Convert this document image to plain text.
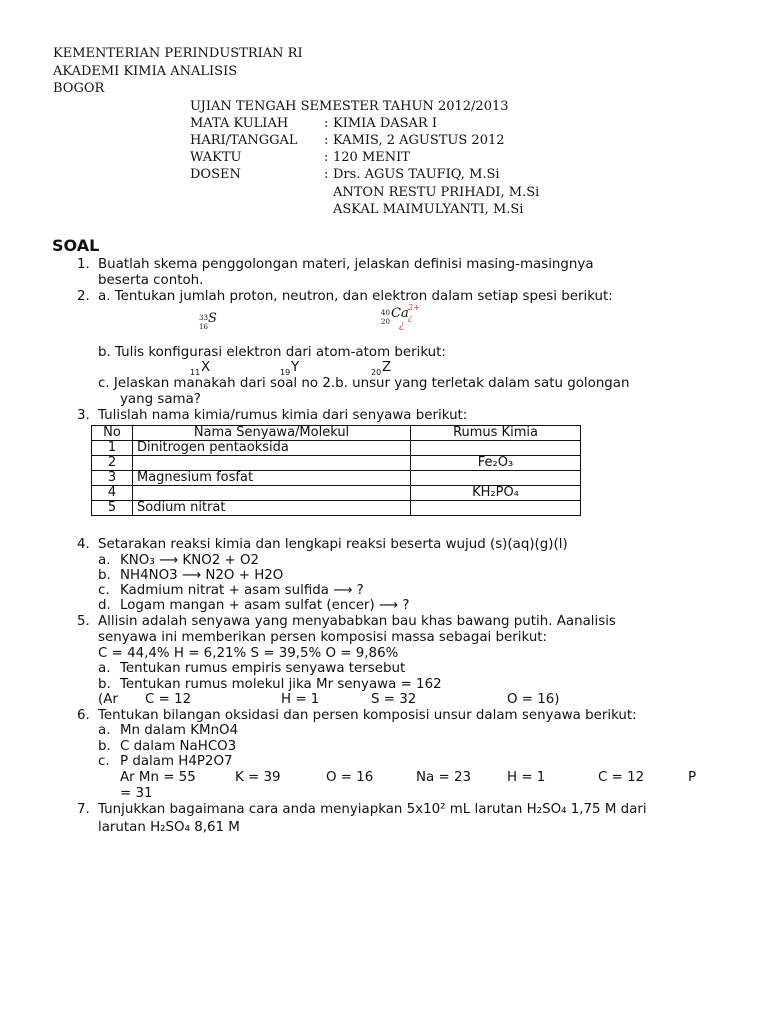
KEMENTERIAN PERINDUSTRIAN RI
AKADEMI KIMIA ANALISIS
BOGOR
UJIAN TENGAH SEMESTER TAHUN 2012/2013
MATA KULIAH	: KIMIA DASAR I
HARI/TANGGAL : KAMIS, 2 AGUSTUS 2012
WAKTU	: 120 MENIT
DOSEN	: Drs. AGUS TAUFIQ, M.Si
ANTON RESTU PRIHADI, M.Si
ASKAL MAIMULYANTI, M.Si
SOAL
1. Buatlah skema penggolongan materi, jelaskan definisi masing-masingnya
beserta contoh.
2. a. Tentukan jumlah proton, neutron, dan elektron dalam setiap spesi berikut:
33
16
S	40
20
Ca 2+¿
¿
b. Tulis konfigurasi elektron dari atom-atom berikut:
11 X	19 Y	20 Z
c. Jelaskan manakah dari soal no 2.b. unsur yang terletak dalam satu golongan
yang sama?
3. Tulislah nama kimia/rumus kimia dari senyawa berikut:
No	Nama Senyawa/Molekul	Rumus Kimia
1	Dinitrogen pentaoksida	
2		Fe₂O₃
3	Magnesium fosfat	
4		KH₂PO₄
5	Sodium nitrat	
4. Setarakan reaksi kimia dan lengkapi reaksi beserta wujud (s)(aq)(g)(l)
a. KNO₃ ⟶ KNO2 + O2
b. NH4NO3 ⟶ N2O + H2O
c. Kadmium nitrat + asam sulfida ⟶ ?
d. Logam mangan + asam sulfat (encer) ⟶ ?
5. Allisin adalah senyawa yang menyababkan bau khas bawang putih. Aanalisis
senyawa ini memberikan persen komposisi massa sebagai berikut:
C = 44,4% H = 6,21% S = 39,5% O = 9,86%
a. Tentukan rumus empiris senyawa tersebut
b. Tentukan rumus molekul jika Mr senyawa = 162
(Ar C = 12	H = 1	S = 32	O = 16)
6. Tentukan bilangan oksidasi dan persen komposisi unsur dalam senyawa berikut:
a. Mn dalam KMnO4
b. C dalam NaHCO3
c. P dalam H4P2O7
Ar Mn = 55	K = 39	O = 16	Na = 23	H = 1	C = 12	P
= 31
7. Tunjukkan bagaimana cara anda menyiapkan 5x10² mL larutan H₂SO₄ 1,75 M dari
larutan H₂SO₄ 8,61 M
